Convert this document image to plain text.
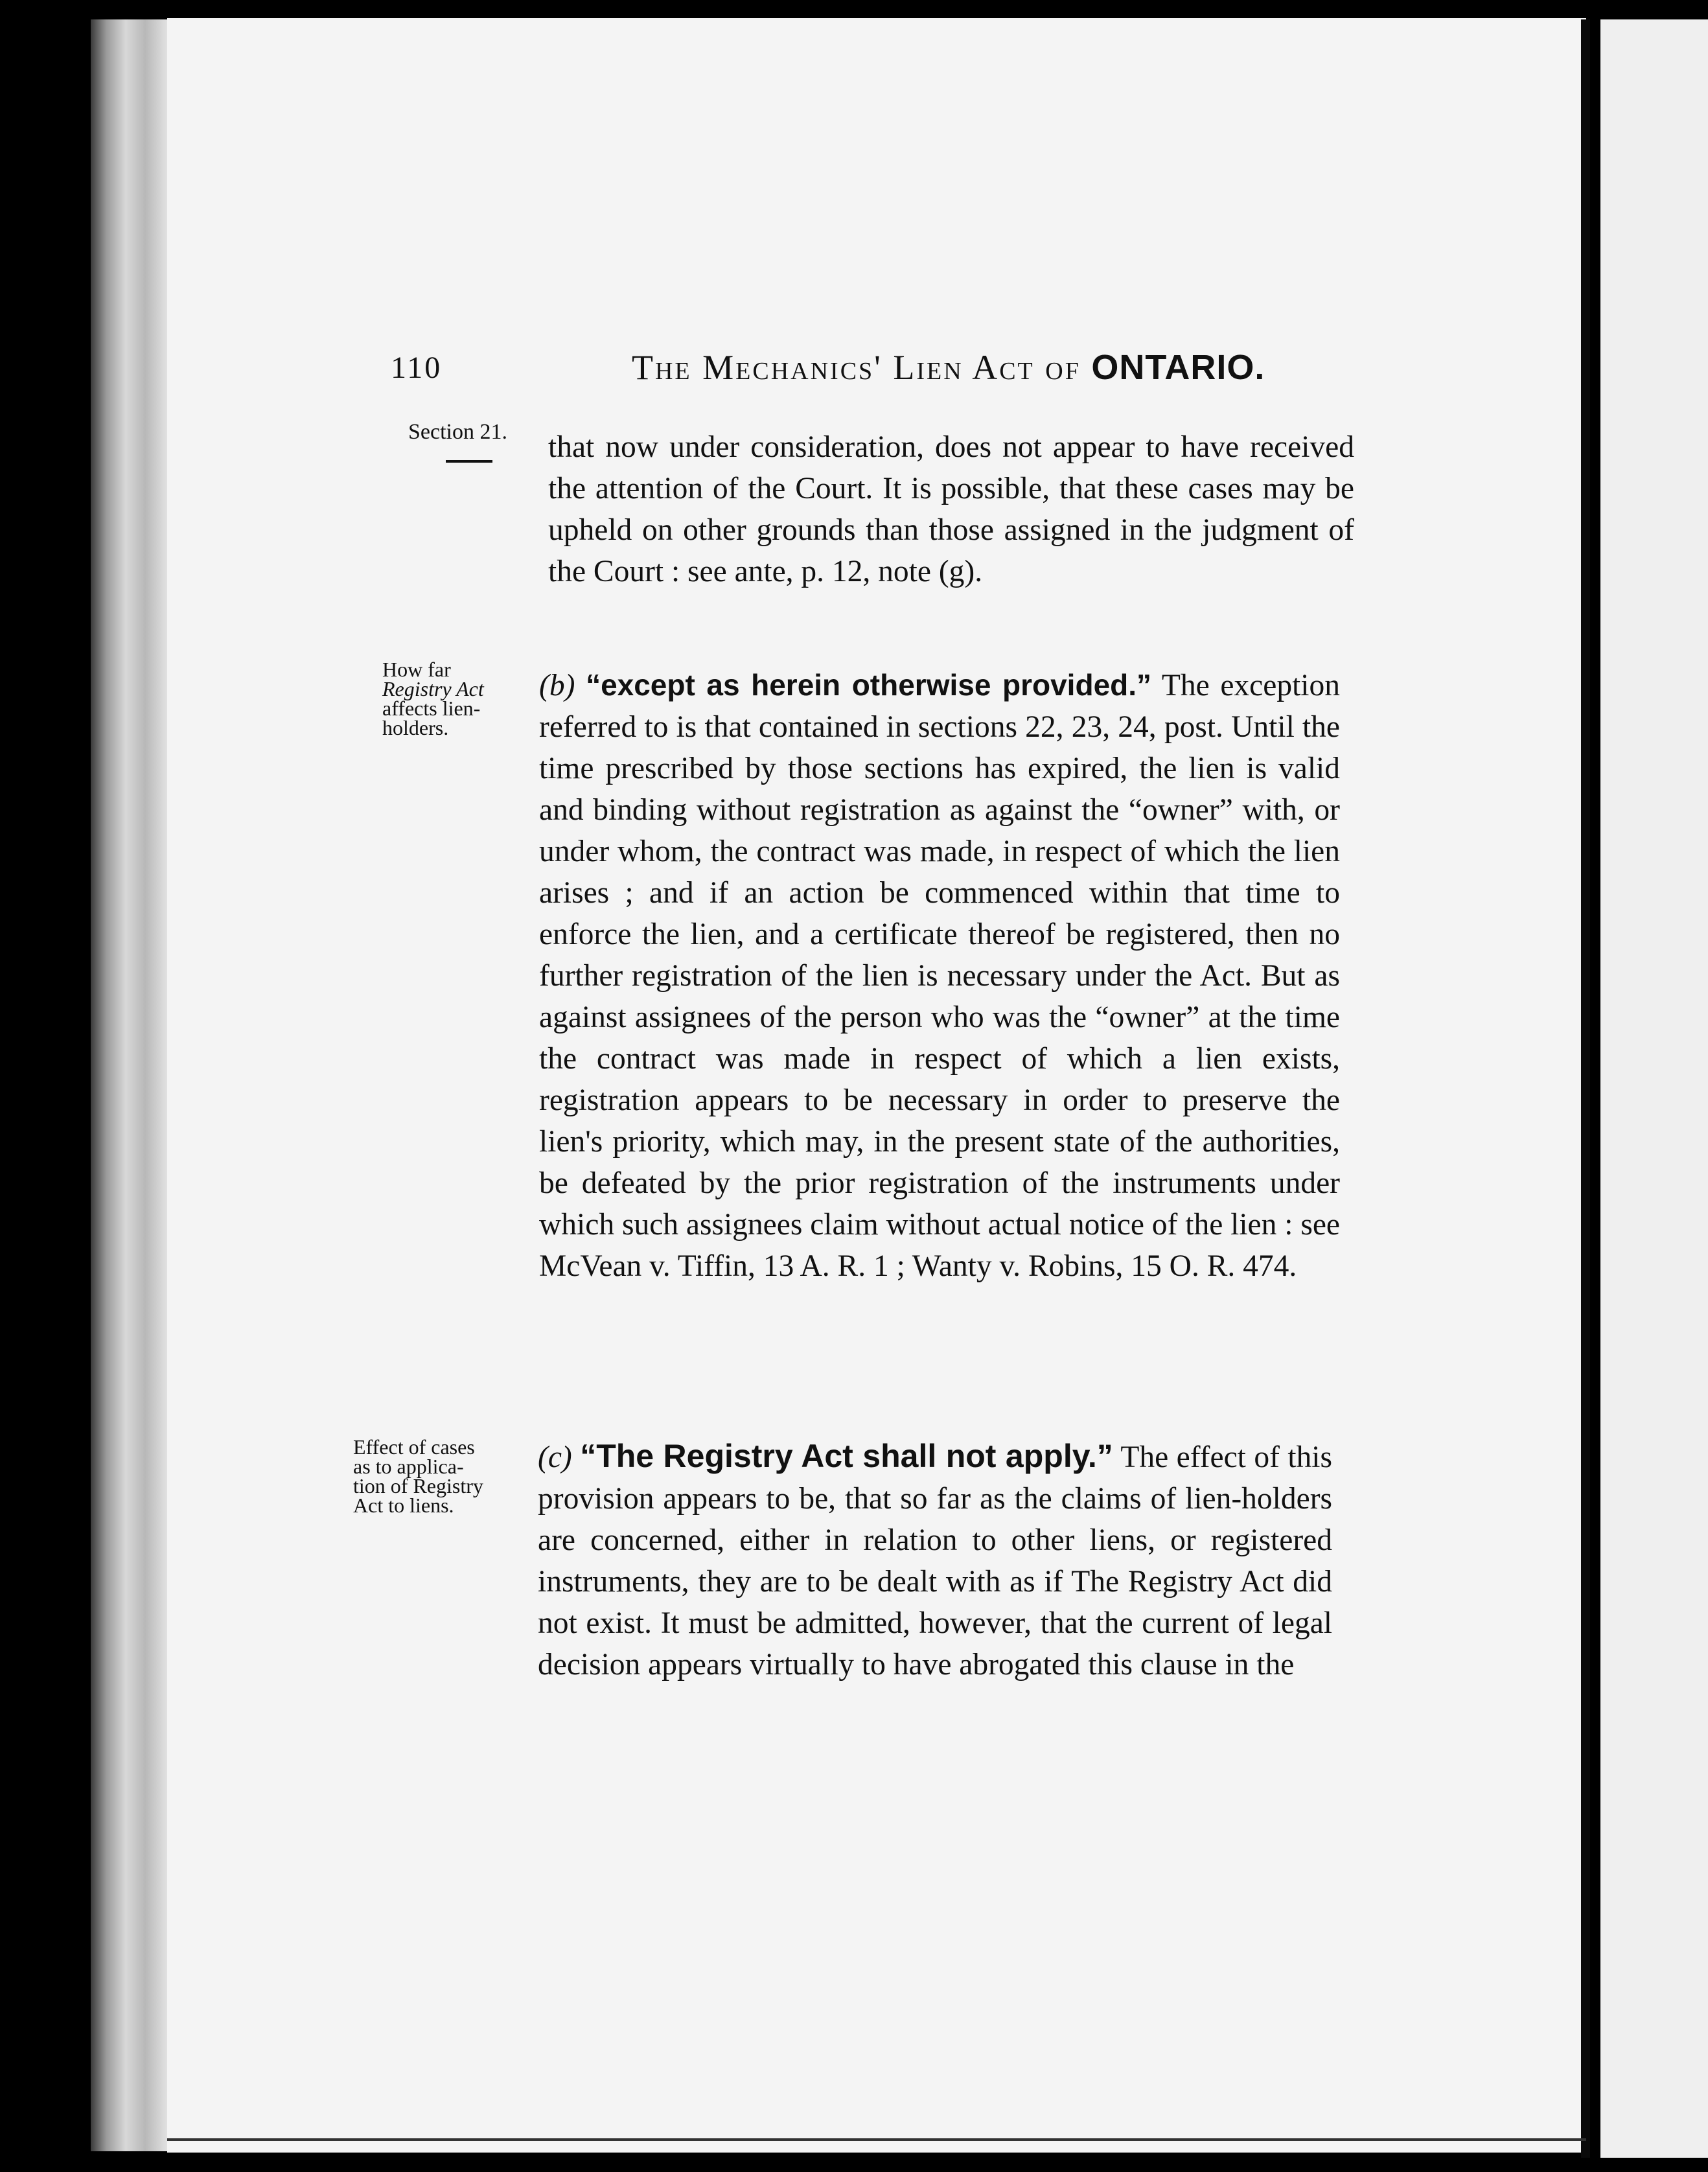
110	The Mechanics' Lien Act of ONTARIO.
Section 21.
How far
Registry Act
affects lien-
holders.
Effect of cases
as to applica-
tion of Registry
Act to liens.

that now under consideration, does not appear to have received the attention of the Court. It is possible, that these cases may be upheld on other grounds than those assigned in the judgment of the Court : see ante, p. 12, note (g).

(b) “except as herein otherwise provided.” The exception referred to is that contained in sections 22, 23, 24, post. Until the time prescribed by those sections has expired, the lien is valid and binding without registration as against the “owner” with, or under whom, the contract was made, in respect of which the lien arises ; and if an action be commenced within that time to enforce the lien, and a certificate thereof be registered, then no further registration of the lien is necessary under the Act. But as against assignees of the person who was the “owner” at the time the contract was made in respect of which a lien exists, registration appears to be necessary in order to preserve the lien's priority, which may, in the present state of the authorities, be defeated by the prior registration of the instruments under which such assignees claim without actual notice of the lien : see McVean v. Tiffin, 13 A. R. 1 ; Wanty v. Robins, 15 O. R. 474.

(c) “The Registry Act shall not apply.” The effect of this provision appears to be, that so far as the claims of lien-holders are concerned, either in relation to other liens, or registered instruments, they are to be dealt with as if The Registry Act did not exist. It must be admitted, however, that the current of legal decision appears virtually to have abrogated this clause in the
